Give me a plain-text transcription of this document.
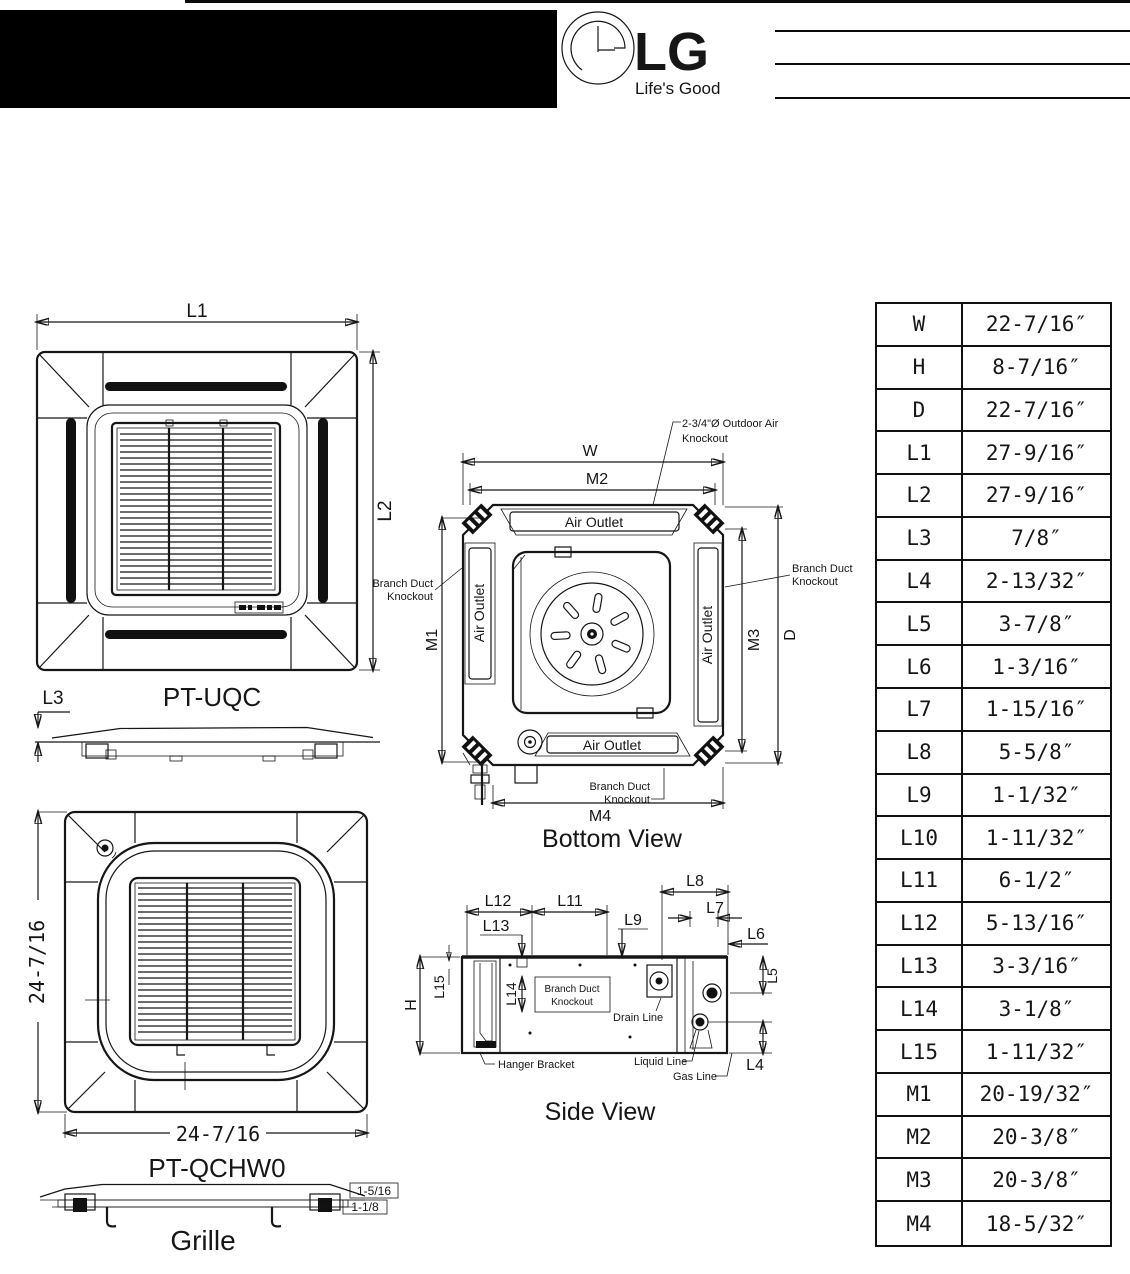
LG
Life's Good
L1
L2
PT-UQC
L3
24-7/16
24-7/16
PT-QCHW0
1-5/16
1-1/8
Grille
2-3/4"Ø Outdoor Air
Knockout
W
M2
Air Outlet
Air Outlet	Air Outlet
Air Outlet
M1	M3 D
M4
Branch Duct
Knockout
Branch Duct
Knockout
Branch Duct
Knockout
Bottom View
Branch Duct
Knockout
H
L15	L14
L12
L13
L11
L9
L8
L7
L6
L5
L4
Drain Line
Hanger Bracket	Liquid Line
Gas Line
Side View
W	22-7/16″
H	8-7/16″
D	22-7/16″
L1	27-9/16″
L2	27-9/16″
L3	7/8″
L4	2-13/32″
L5	3-7/8″
L6	1-3/16″
L7	1-15/16″
L8	5-5/8″
L9	1-1/32″
L10	1-11/32″
L11	6-1/2″
L12	5-13/16″
L13	3-3/16″
L14	3-1/8″
L15	1-11/32″
M1	20-19/32″
M2	20-3/8″
M3	20-3/8″
M4	18-5/32″
